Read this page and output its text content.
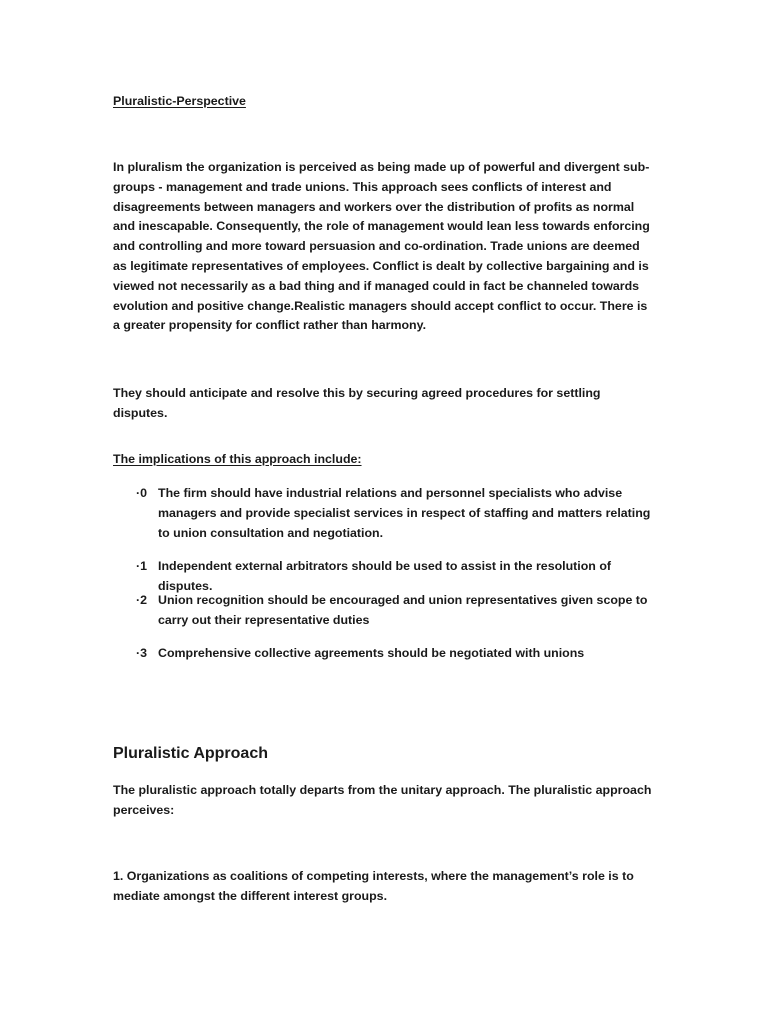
Pluralistic-Perspective

In pluralism the organization is perceived as being made up of powerful and divergent sub-groups - management and trade unions. This approach sees conflicts of interest and disagreements between managers and workers over the distribution of profits as normal and inescapable. Consequently, the role of management would lean less towards enforcing and controlling and more toward persuasion and co-ordination. Trade unions are deemed as legitimate representatives of employees. Conflict is dealt by collective bargaining and is viewed not necessarily as a bad thing and if managed could in fact be channeled towards evolution and positive change.Realistic managers should accept conflict to occur. There is a greater propensity for conflict rather than harmony.

They should anticipate and resolve this by securing agreed procedures for settling disputes.

The implications of this approach include:

·0 The firm should have industrial relations and personnel specialists who advise managers and provide specialist services in respect of staffing and matters relating to union consultation and negotiation.
·1 Independent external arbitrators should be used to assist in the resolution of disputes.
·2 Union recognition should be encouraged and union representatives given scope to carry out their representative duties
·3 Comprehensive collective agreements should be negotiated with unions
Pluralistic Approach

The pluralistic approach totally departs from the unitary approach. The pluralistic approach perceives:

1. Organizations as coalitions of competing interests, where the management’s role is to mediate amongst the different interest groups.
